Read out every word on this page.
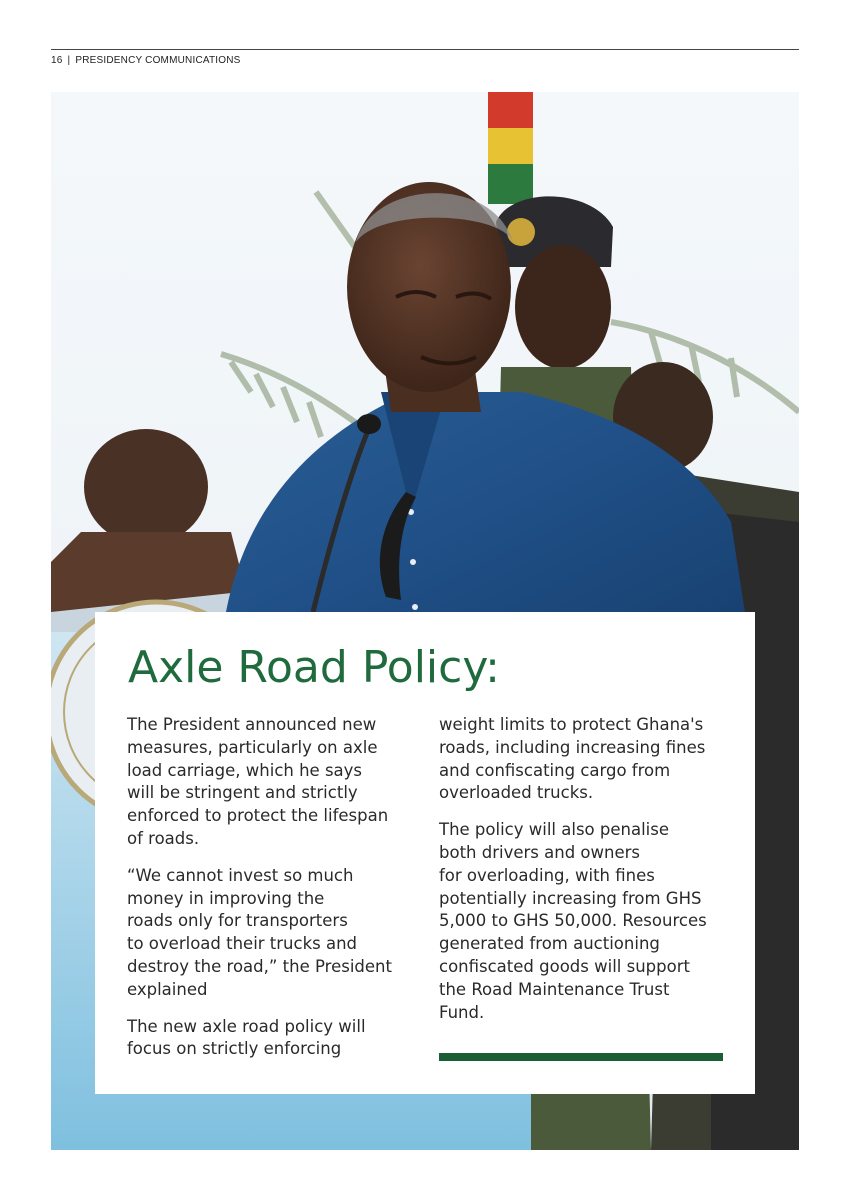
16 | PRESIDENCY COMMUNICATIONS
Axle Road Policy:

The President announced new
measures, particularly on axle
load carriage, which he says
will be stringent and strictly
enforced to protect the lifespan
of roads.

“We cannot invest so much
money in improving the
roads only for transporters
to overload their trucks and
destroy the road,” the President
explained

The new axle road policy will
focus on strictly enforcing

weight limits to protect Ghana's
roads, including increasing fines
and confiscating cargo from
overloaded trucks.

The policy will also penalise
both drivers and owners
for overloading, with fines
potentially increasing from GHS
5,000 to GHS 50,000. Resources
generated from auctioning
confiscated goods will support
the Road Maintenance Trust
Fund.
